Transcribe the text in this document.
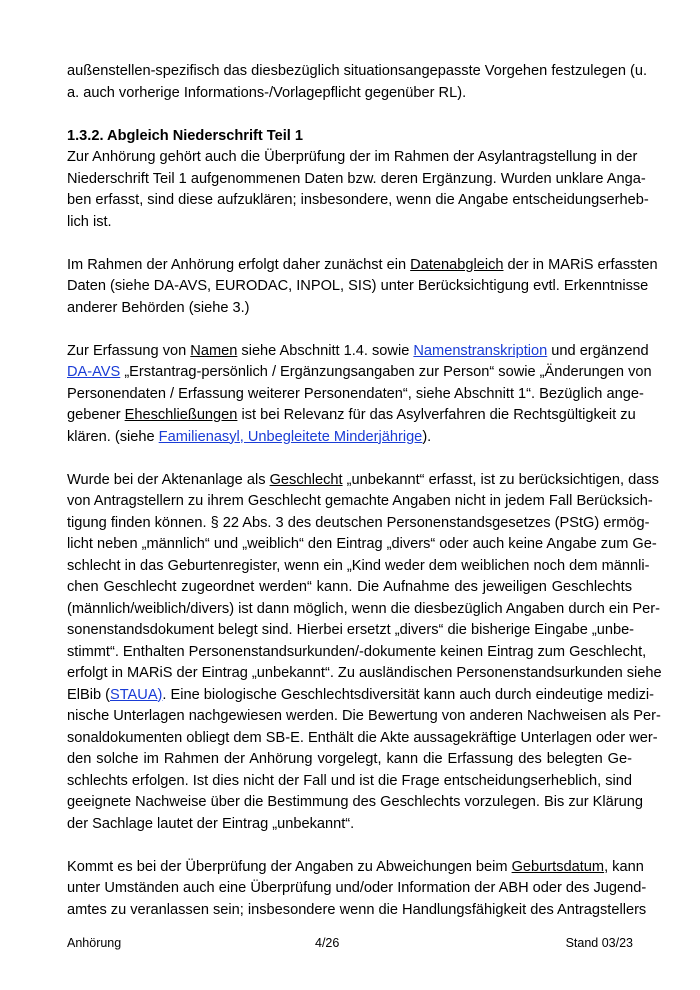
außenstellen-spezifisch das diesbezüglich situationsangepasste Vorgehen festzulegen (u.
a. auch vorherige Informations-/Vorlagepflicht gegenüber RL).
1.3.2. Abgleich Niederschrift Teil 1
Zur Anhörung gehört auch die Überprüfung der im Rahmen der Asylantragstellung in der
Niederschrift Teil 1 aufgenommenen Daten bzw. deren Ergänzung. Wurden unklare Anga-
ben erfasst, sind diese aufzuklären; insbesondere, wenn die Angabe entscheidungserheb-
lich ist.
Im Rahmen der Anhörung erfolgt daher zunächst ein Datenabgleich der in MARiS erfassten
Daten (siehe DA-AVS, EURODAC, INPOL, SIS) unter Berücksichtigung evtl. Erkenntnisse
anderer Behörden (siehe 3.)
Zur Erfassung von Namen siehe Abschnitt 1.4. sowie Namenstranskription und ergänzend
DA-AVS „Erstantrag-persönlich / Ergänzungsangaben zur Person“ sowie „Änderungen von
Personendaten / Erfassung weiterer Personendaten“, siehe Abschnitt 1“. Bezüglich ange-
gebener Eheschließungen ist bei Relevanz für das Asylverfahren die Rechtsgültigkeit zu
klären. (siehe Familienasyl, Unbegleitete Minderjährige).
Wurde bei der Aktenanlage als Geschlecht „unbekannt“ erfasst, ist zu berücksichtigen, dass
von Antragstellern zu ihrem Geschlecht gemachte Angaben nicht in jedem Fall Berücksich-
tigung finden können. § 22 Abs. 3 des deutschen Personenstandsgesetzes (PStG) ermög-
licht neben „männlich“ und „weiblich“ den Eintrag „divers“ oder auch keine Angabe zum Ge-
schlecht in das Geburtenregister, wenn ein „Kind weder dem weiblichen noch dem männli-
chen Geschlecht zugeordnet werden“ kann. Die Aufnahme des jeweiligen Geschlechts
(männlich/weiblich/divers) ist dann möglich, wenn die diesbezüglich Angaben durch ein Per-
sonenstandsdokument belegt sind. Hierbei ersetzt „divers“ die bisherige Eingabe „unbe-
stimmt“. Enthalten Personenstandsurkunden/-dokumente keinen Eintrag zum Geschlecht,
erfolgt in MARiS der Eintrag „unbekannt“. Zu ausländischen Personenstandsurkunden siehe
ElBib (STAUA). Eine biologische Geschlechtsdiversität kann auch durch eindeutige medizi-
nische Unterlagen nachgewiesen werden. Die Bewertung von anderen Nachweisen als Per-
sonaldokumenten obliegt dem SB-E. Enthält die Akte aussagekräftige Unterlagen oder wer-
den solche im Rahmen der Anhörung vorgelegt, kann die Erfassung des belegten Ge-
schlechts erfolgen. Ist dies nicht der Fall und ist die Frage entscheidungserheblich, sind
geeignete Nachweise über die Bestimmung des Geschlechts vorzulegen. Bis zur Klärung
der Sachlage lautet der Eintrag „unbekannt“.
Kommt es bei der Überprüfung der Angaben zu Abweichungen beim Geburtsdatum, kann
unter Umständen auch eine Überprüfung und/oder Information der ABH oder des Jugend-
amtes zu veranlassen sein; insbesondere wenn die Handlungsfähigkeit des Antragstellers
Anhörung	4/26	Stand 03/23
